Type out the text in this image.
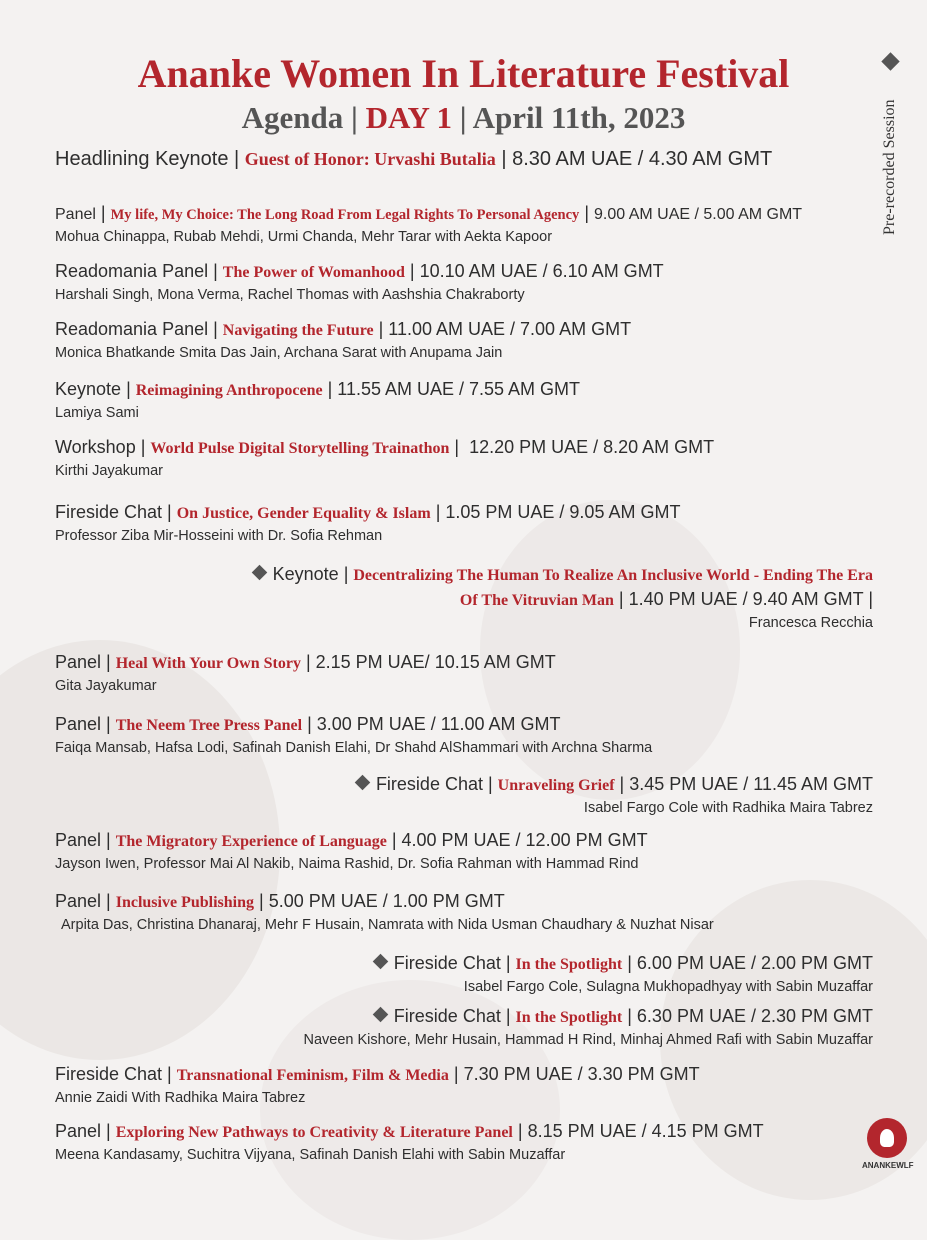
Ananke Women In Literature Festival
Agenda | DAY 1 | April 11th, 2023	Pre-recorded Session
Headlining Keynote | Guest of Honor: Urvashi Butalia | 8.30 AM UAE / 4.30 AM GMT
Panel | My life, My Choice: The Long Road From Legal Rights To Personal Agency | 9.00 AM UAE / 5.00 AM GMT
Mohua Chinappa, Rubab Mehdi, Urmi Chanda, Mehr Tarar with Aekta Kapoor
Readomania Panel | The Power of Womanhood | 10.10 AM UAE / 6.10 AM GMT
Harshali Singh, Mona Verma, Rachel Thomas with Aashshia Chakraborty
Readomania Panel | Navigating the Future | 11.00 AM UAE / 7.00 AM GMT
Monica Bhatkande Smita Das Jain, Archana Sarat with Anupama Jain
Keynote | Reimagining Anthropocene | 11.55 AM UAE / 7.55 AM GMT
Lamiya Sami
Workshop | World Pulse Digital Storytelling Trainathon |  12.20 PM UAE / 8.20 AM GMT
Kirthi Jayakumar
Fireside Chat | On Justice, Gender Equality & Islam | 1.05 PM UAE / 9.05 AM GMT
Professor Ziba Mir-Hosseini with Dr. Sofia Rehman
Keynote | Decentralizing The Human To Realize An Inclusive World - Ending The Era
Of The Vitruvian Man | 1.40 PM UAE / 9.40 AM GMT |
Francesca Recchia
Panel | Heal With Your Own Story | 2.15 PM UAE/ 10.15 AM GMT
Gita Jayakumar
Panel | The Neem Tree Press Panel | 3.00 PM UAE / 11.00 AM GMT
Faiqa Mansab, Hafsa Lodi, Safinah Danish Elahi, Dr Shahd AlShammari with Archna Sharma
Fireside Chat | Unraveling Grief | 3.45 PM UAE / 11.45 AM GMT
Isabel Fargo Cole with Radhika Maira Tabrez
Panel | The Migratory Experience of Language | 4.00 PM UAE / 12.00 PM GMT
Jayson Iwen, Professor Mai Al Nakib, Naima Rashid, Dr. Sofia Rahman with Hammad Rind
Panel | Inclusive Publishing | 5.00 PM UAE / 1.00 PM GMT
Arpita Das, Christina Dhanaraj, Mehr F Husain, Namrata with Nida Usman Chaudhary & Nuzhat Nisar
Fireside Chat | In the Spotlight | 6.00 PM UAE / 2.00 PM GMT
Isabel Fargo Cole, Sulagna Mukhopadhyay with Sabin Muzaffar
Fireside Chat | In the Spotlight | 6.30 PM UAE / 2.30 PM GMT
Naveen Kishore, Mehr Husain, Hammad H Rind, Minhaj Ahmed Rafi with Sabin Muzaffar
Fireside Chat | Transnational Feminism, Film & Media | 7.30 PM UAE / 3.30 PM GMT
Annie Zaidi With Radhika Maira Tabrez
Panel | Exploring New Pathways to Creativity & Literature Panel | 8.15 PM UAE / 4.15 PM GMT
Meena Kandasamy, Suchitra Vijyana, Safinah Danish Elahi with Sabin Muzaffar
ANANKEWLF
